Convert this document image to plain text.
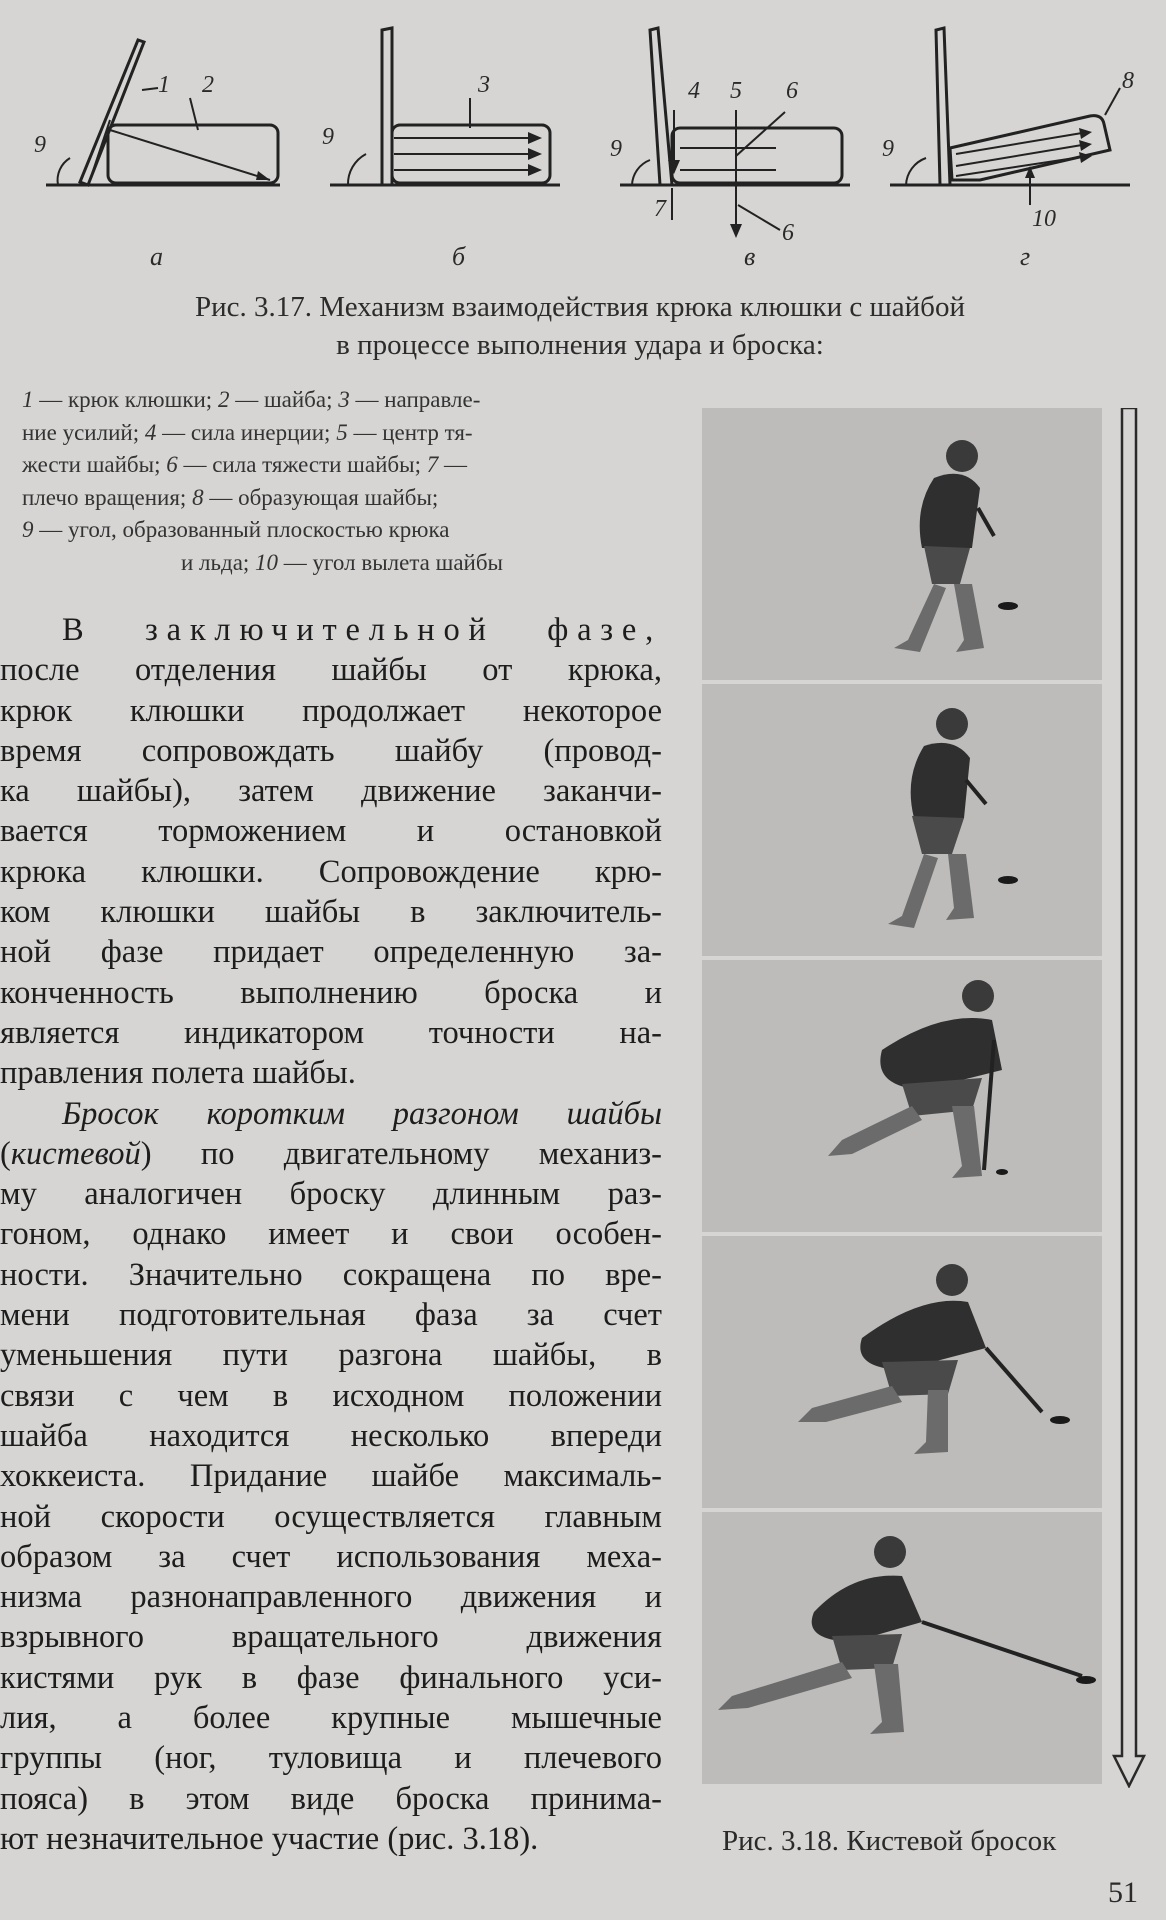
1 2
9
а
3
9
б
4 5 6
9
7
6
в
8
9
10
г
Рис. 3.17. Механизм взаимодействия крюка клюшки с шайбой
в процессе выполнения удара и броска:
1 — крюк клюшки; 2 — шайба; 3 — направле-
ние усилий; 4 — сила инерции; 5 — центр тя-
жести шайбы; 6 — сила тяжести шайбы; 7 —
плечо вращения; 8 — образующая шайбы;
9 — угол, образованный плоскостью крюка
и льда; 10 — угол вылета шайбы

В заключительной фазе,

после отделения шайбы от крюка,

крюк клюшки продолжает некоторое

время сопровождать шайбу (провод-

ка шайбы), затем движение заканчи-

вается торможением и остановкой

крюка клюшки. Сопровождение крю-

ком клюшки шайбы в заключитель-

ной фазе придает определенную за-

конченность выполнению броска и

является индикатором точности на-

правления полета шайбы.

Бросок коротким разгоном шайбы

(кистевой) по двигательному механиз-

му аналогичен броску длинным раз-

гоном, однако имеет и свои особен-

ности. Значительно сокращена по вре-

мени подготовительная фаза за счет

уменьшения пути разгона шайбы, в

связи с чем в исходном положении

шайба находится несколько впереди

хоккеиста. Придание шайбе максималь-

ной скорости осуществляется главным

образом за счет использования меха-

низма разнонаправленного движения и

взрывного вращательного движения

кистями рук в фазе финального уси-

лия, а более крупные мышечные

группы (ног, туловища и плечевого

пояса) в этом виде броска принима-

ют незначительное участие (рис. 3.18).	Рис. 3.18. Кистевой бросок
51
